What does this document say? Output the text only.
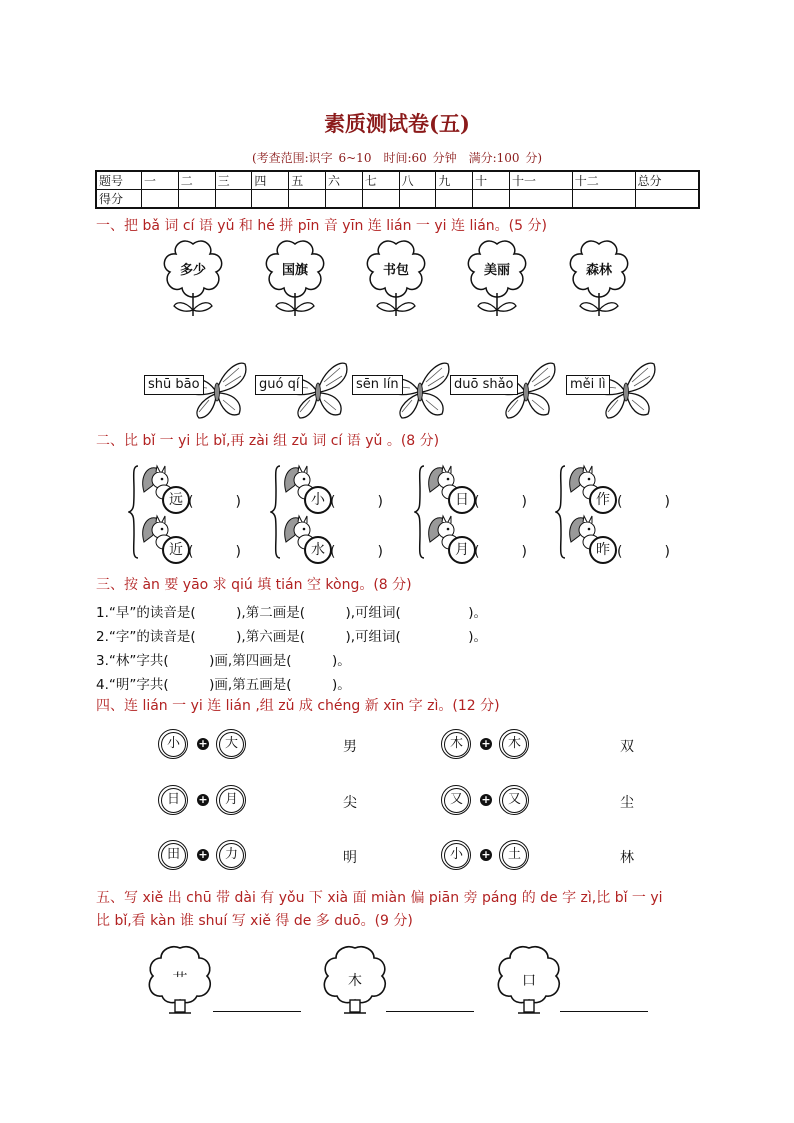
素质测试卷(五)
(考查范围:识字 6~10　时间:60 分钟　满分:100 分)
题号	一	二	三	四	五	六	七	八	九	十	十一	十二	总分
得分													
一、把 bǎ 词 cí 语 yǔ 和 hé 拼 pīn 音 yīn 连 lián 一 yi 连 lián。(5 分)
多少	国旗	书包	美丽	森林
shū bāo	guó qí	sēn lín	duō shǎo	měi lì
二、比 bǐ 一 yi 比 bǐ,再 zài 组 zǔ 词 cí 语 yǔ 。(8 分)
远 (　　　)
近 (　　　)
小 (　　　)
水 (　　　)
日 (　　　)
月 (　　　)
作 (　　　)
昨 (　　　)
三、按 àn 要 yāo 求 qiú 填 tián 空 kòng。(8 分)
1.“早”的读音是(　　　),第二画是(　　　),可组词(　　　　　)。
2.“字”的读音是(　　　),第六画是(　　　),可组词(　　　　　)。
3.“林”字共(　　　)画,第四画是(　　　)。
4.“明”字共(　　　)画,第五画是(　　　)。
四、连 lián 一 yi 连 lián ,组 zǔ 成 chéng 新 xīn 字 zì。(12 分)
小	+	大	男
日	+	月	尖
田	+	力	明
木	+	木	双
又	+	又	尘
小	+	土	林
五、写 xiě 出 chū 带 dài 有 yǒu 下 xià 面 miàn 偏 piān 旁 páng 的 de 字 zì,比 bǐ 一 yi
比 bǐ,看 kàn 谁 shuí 写 xiě 得 de 多 duō。(9 分)
艹	木	口
